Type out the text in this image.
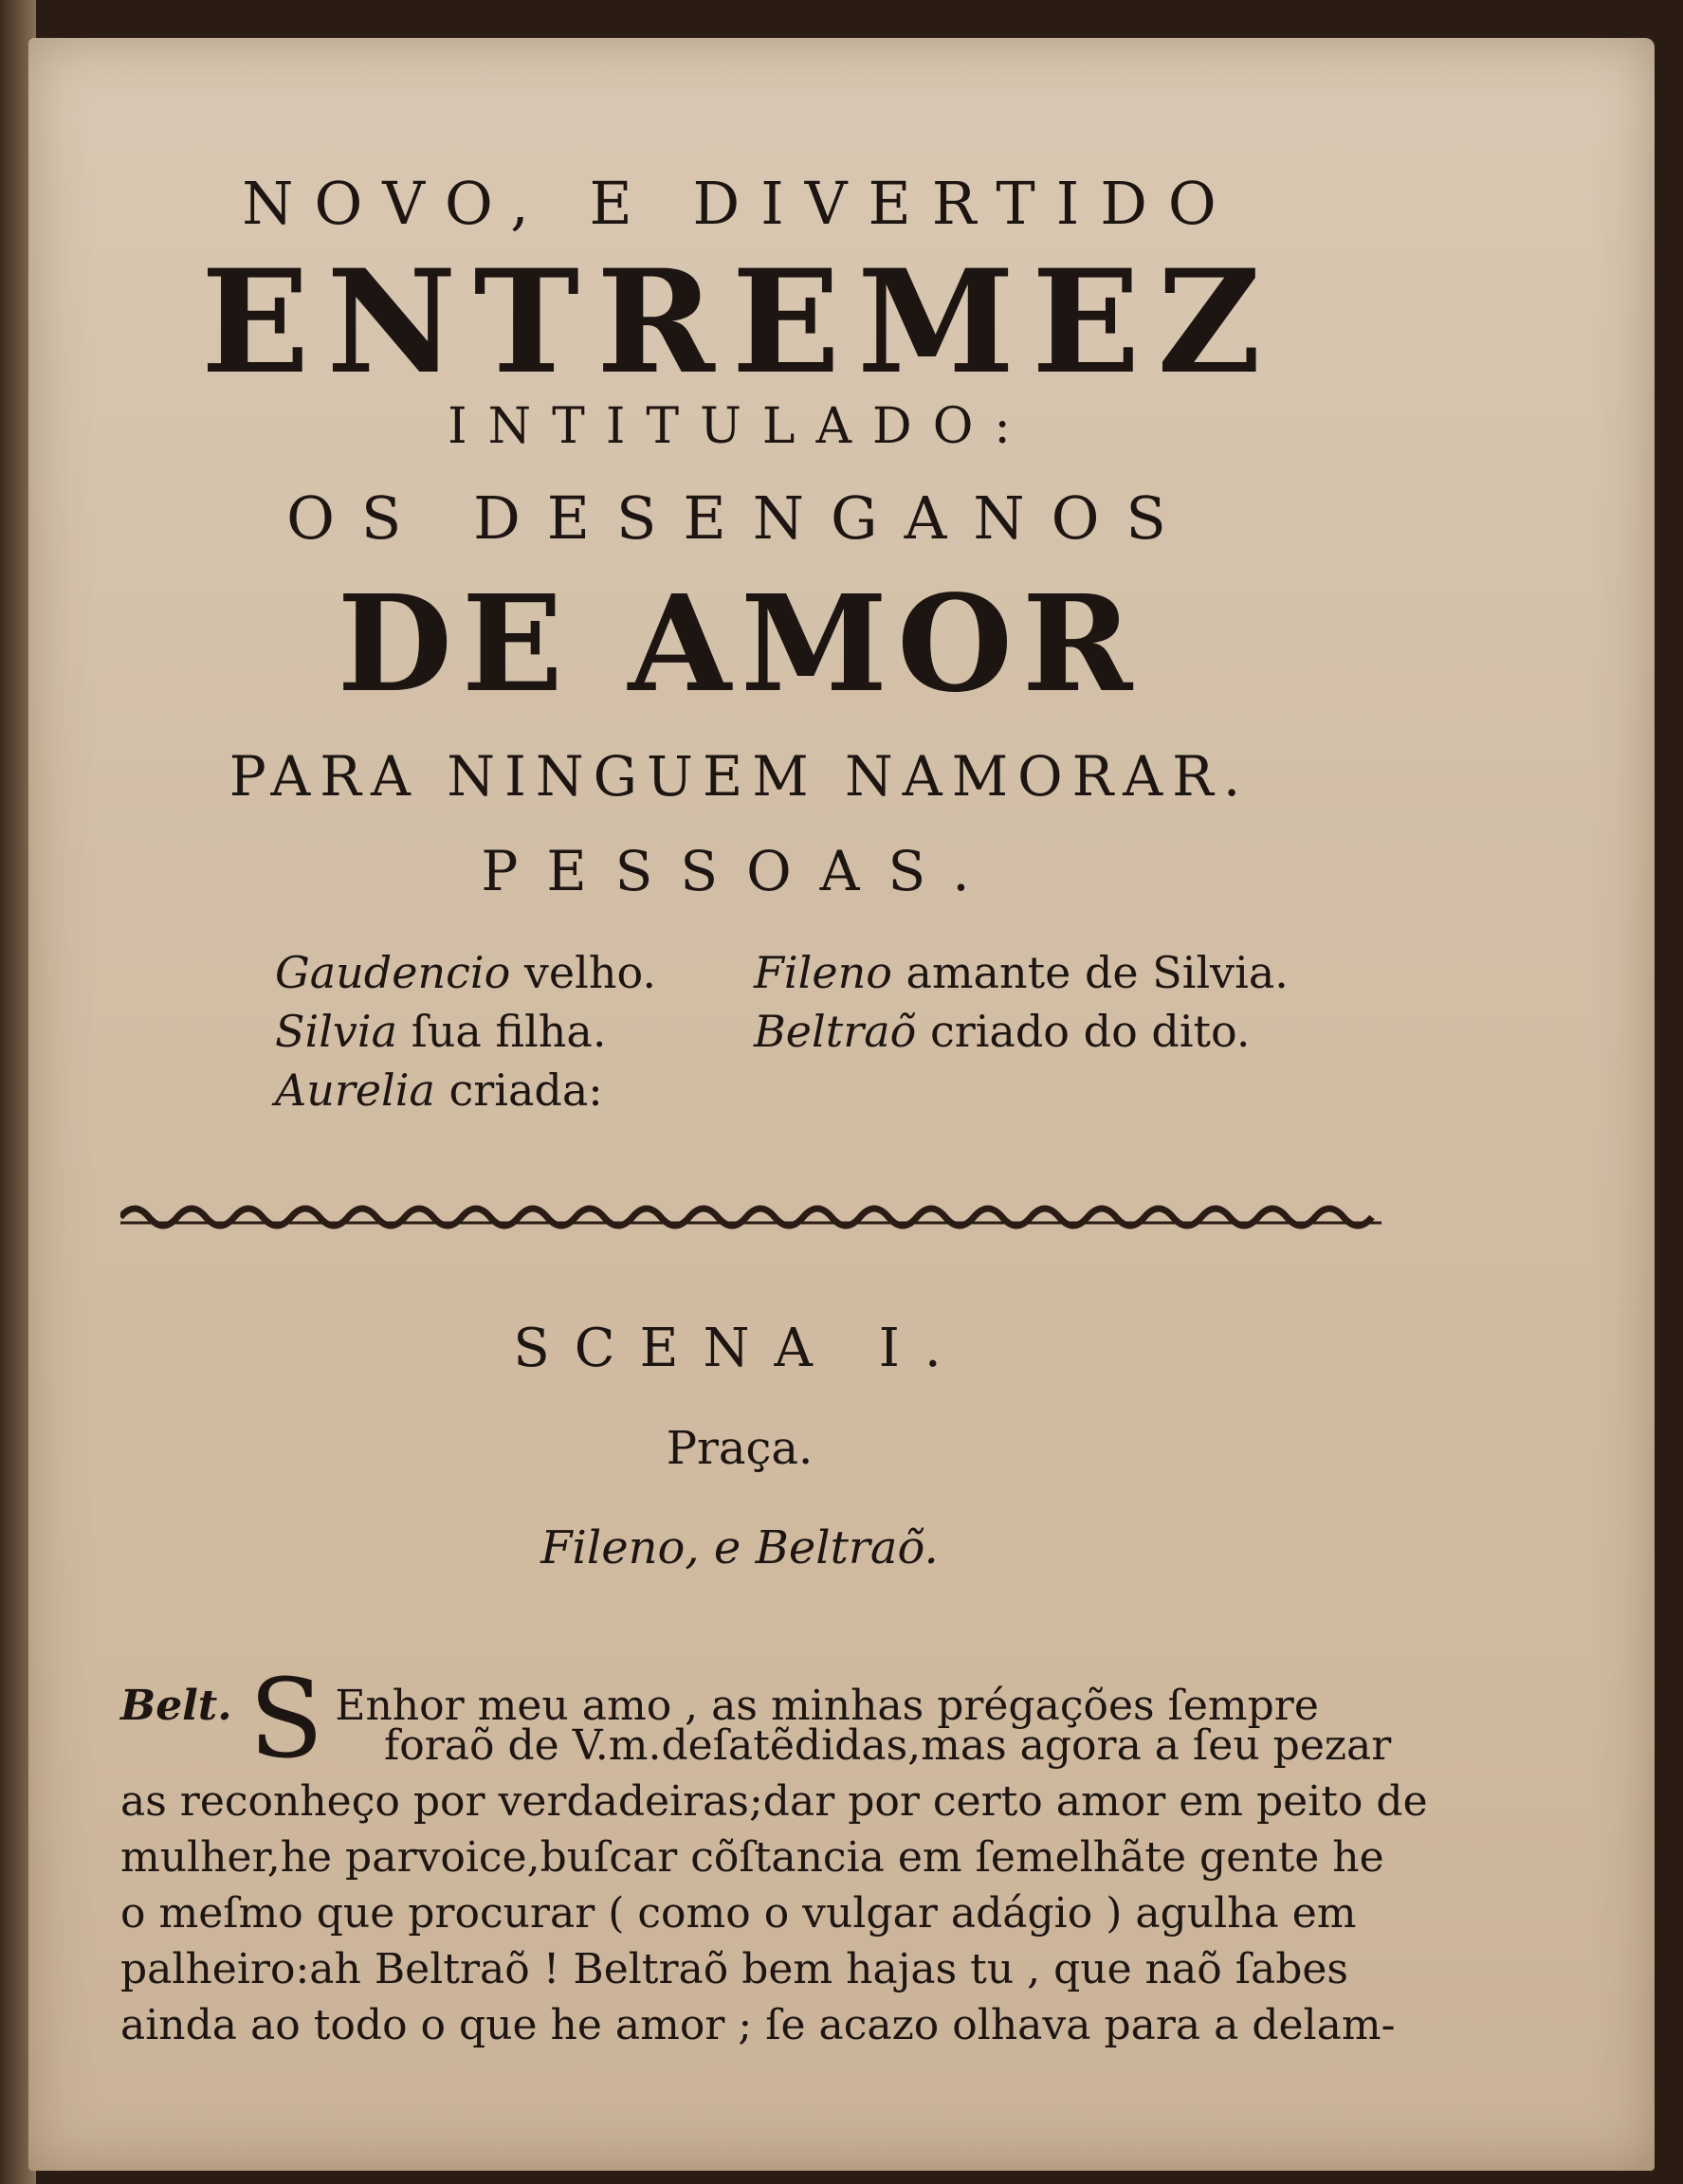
NOVO, E DIVERTIDO
ENTREMEZ
INTITULADO:
OS DESENGANOS
DE AMOR
PARA NINGUEM NAMORAR.
PESSOAS.
Gaudencio velho.
Silvia ſua filha.
Aurelia criada:
Fileno amante de Silvia.
Beltraõ criado do dito.
SCENA I.
Praça.
Fileno, e Beltraõ.
Belt. S Enhor meu amo , as minhas prégações ſempre
foraõ de V.m.deſatẽdidas,mas agora a ſeu pezar
as reconheço por verdadeiras;dar por certo amor em peito de
mulher,he parvoice,buſcar cõſtancia em ſemelhãte gente he
o meſmo que procurar ( como o vulgar adágio ) agulha em
palheiro:ah Beltraõ ! Beltraõ bem hajas tu , que naõ ſabes
ainda ao todo o que he amor ; ſe acazo olhava para a delam-
